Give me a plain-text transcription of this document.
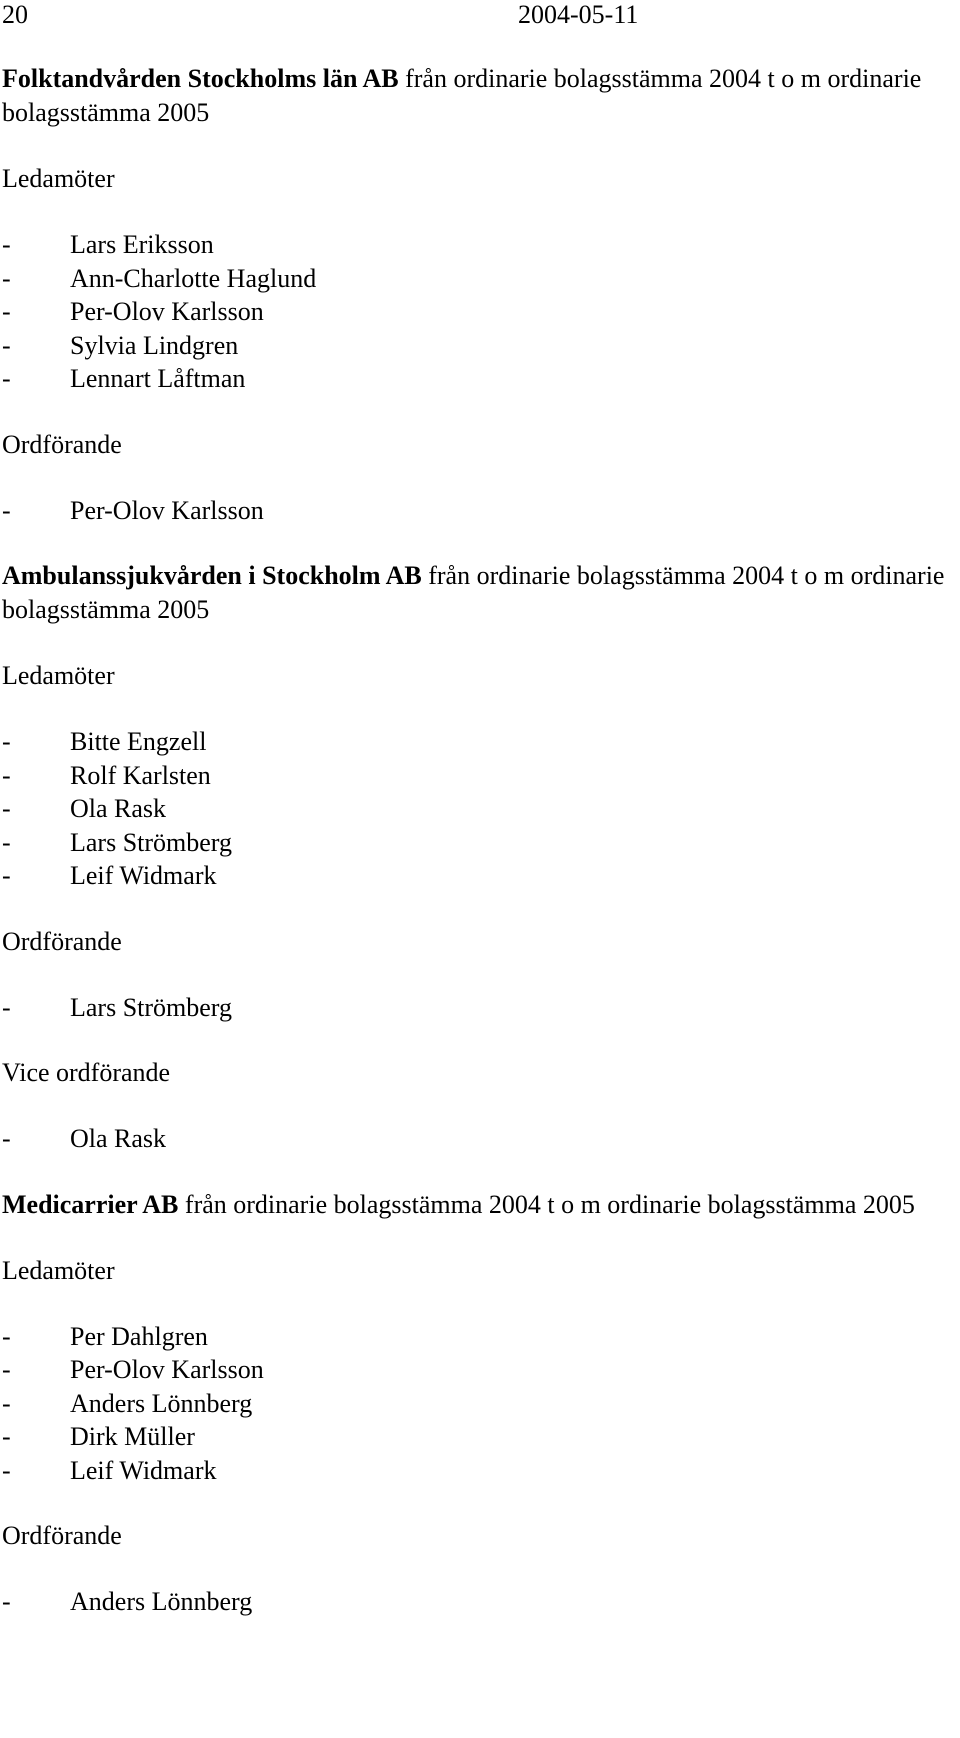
20	2004-05-11

Folktandvården Stockholms län AB från ordinarie bolagsstämma 2004 t o m ordinarie bolagsstämma 2005

Ledamöter
-	Lars Eriksson
-	Ann-Charlotte Haglund
-	Per-Olov Karlsson
-	Sylvia Lindgren
-	Lennart Låftman
Ordförande
-	Per-Olov Karlsson

Ambulanssjukvården i Stockholm AB från ordinarie bolagsstämma 2004 t o m ordinarie bolagsstämma 2005

Ledamöter
-	Bitte Engzell
-	Rolf Karlsten
-	Ola Rask
-	Lars Strömberg
-	Leif Widmark
Ordförande
-	Lars Strömberg
Vice ordförande
-	Ola Rask

Medicarrier AB från ordinarie bolagsstämma 2004 t o m ordinarie bolagsstämma 2005

Ledamöter
-	Per Dahlgren
-	Per-Olov Karlsson
-	Anders Lönnberg
-	Dirk Müller
-	Leif Widmark
Ordförande
-	Anders Lönnberg
